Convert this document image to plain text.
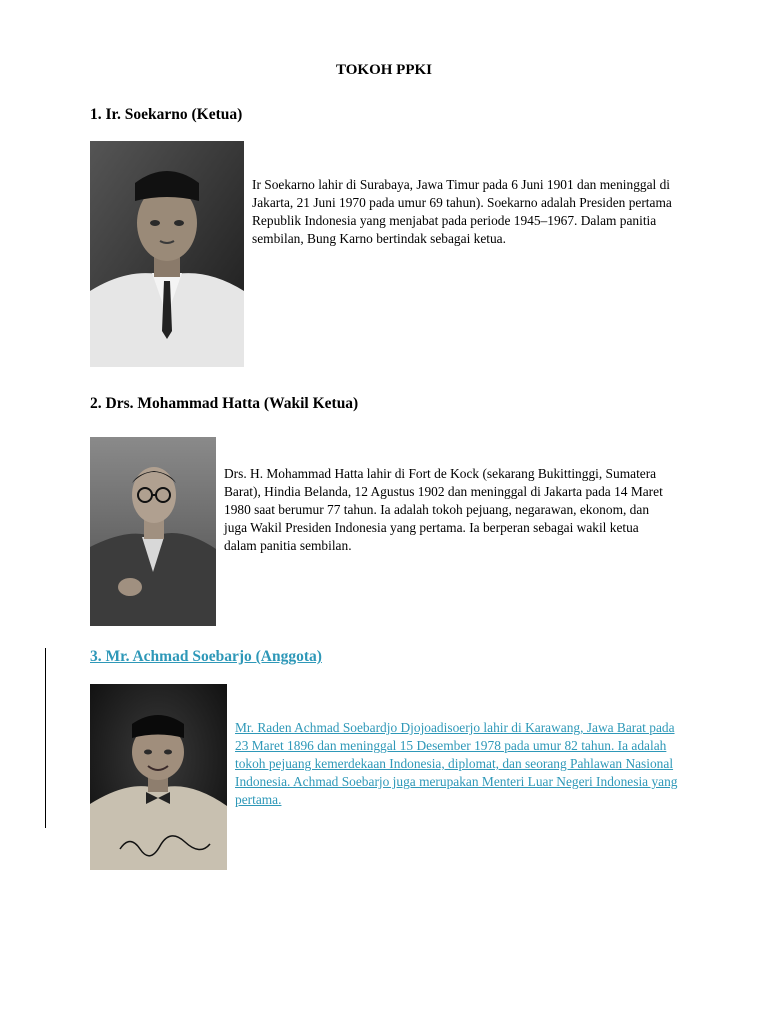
TOKOH PPKI
1. Ir. Soekarno (Ketua)
Ir Soekarno lahir di Surabaya, Jawa Timur pada 6 Juni 1901 dan meninggal di Jakarta, 21 Juni 1970 pada umur 69 tahun). Soekarno adalah Presiden pertama Republik Indonesia yang menjabat pada periode 1945–1967. Dalam panitia sembilan, Bung Karno bertindak sebagai ketua.
2. Drs. Mohammad Hatta (Wakil Ketua)
Drs. H. Mohammad Hatta lahir di Fort de Kock (sekarang Bukittinggi, Sumatera Barat), Hindia Belanda, 12 Agustus 1902 dan meninggal di Jakarta pada 14 Maret 1980 saat berumur 77 tahun. Ia adalah tokoh pejuang, negarawan, ekonom, dan juga Wakil Presiden Indonesia yang pertama. Ia berperan sebagai wakil ketua dalam panitia sembilan.
3. Mr. Achmad Soebarjo (Anggota)
Mr. Raden Achmad Soebardjo Djojoadisoerjo lahir di Karawang, Jawa Barat pada 23 Maret 1896 dan meninggal 15 Desember 1978 pada umur 82 tahun. Ia adalah tokoh pejuang kemerdekaan Indonesia, diplomat, dan seorang Pahlawan Nasional Indonesia. Achmad Soebarjo juga merupakan Menteri Luar Negeri Indonesia yang pertama.
